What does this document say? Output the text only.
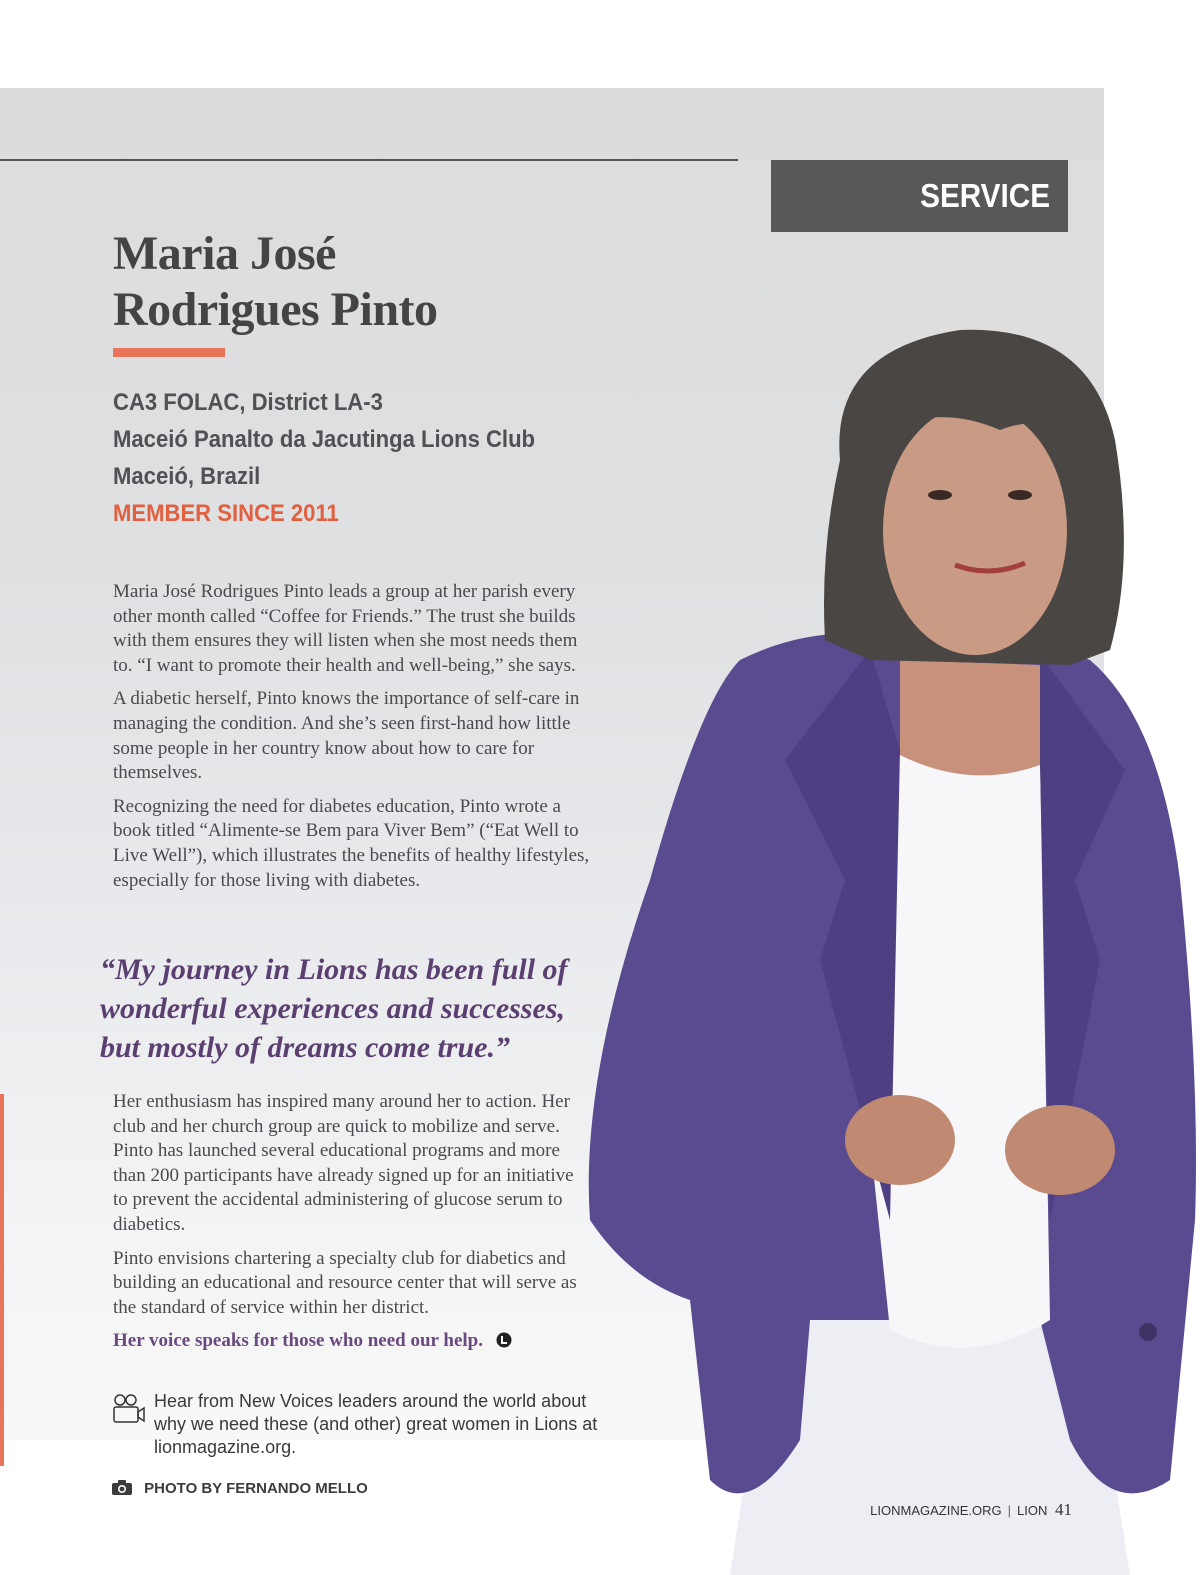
SERVICE
Maria José
Rodrigues Pinto
CA3 FOLAC, District LA-3
Maceió Panalto da Jacutinga Lions Club
Maceió, Brazil
MEMBER SINCE 2011

Maria José Rodrigues Pinto leads a group at her parish every other month called “Coffee for Friends.” The trust she builds with them ensures they will listen when she most needs them to. “I want to promote their health and well-being,” she says.

A diabetic herself, Pinto knows the importance of self-care in managing the condition. And she’s seen first-hand how little some people in her country know about how to care for themselves.

Recognizing the need for diabetes education, Pinto wrote a book titled “Alimente-se Bem para Viver Bem” (“Eat Well to Live Well”), which illustrates the benefits of healthy lifestyles, especially for those living with diabetes.

“My journey in Lions has been full of wonderful experiences and successes, but mostly of dreams come true.”

Her enthusiasm has inspired many around her to action. Her club and her church group are quick to mobilize and serve. Pinto has launched several educational programs and more than 200 participants have already signed up for an initiative to prevent the accidental administering of glucose serum to diabetics.

Pinto envisions chartering a specialty club for diabetics and building an educational and resource center that will serve as the standard of service within her district.

Her voice speaks for those who need our help.
Hear from New Voices leaders around the world about why we need these (and other) great women in Lions at lionmagazine.org.
PHOTO BY FERNANDO MELLO
LIONMAGAZINE.ORG | LION 41
